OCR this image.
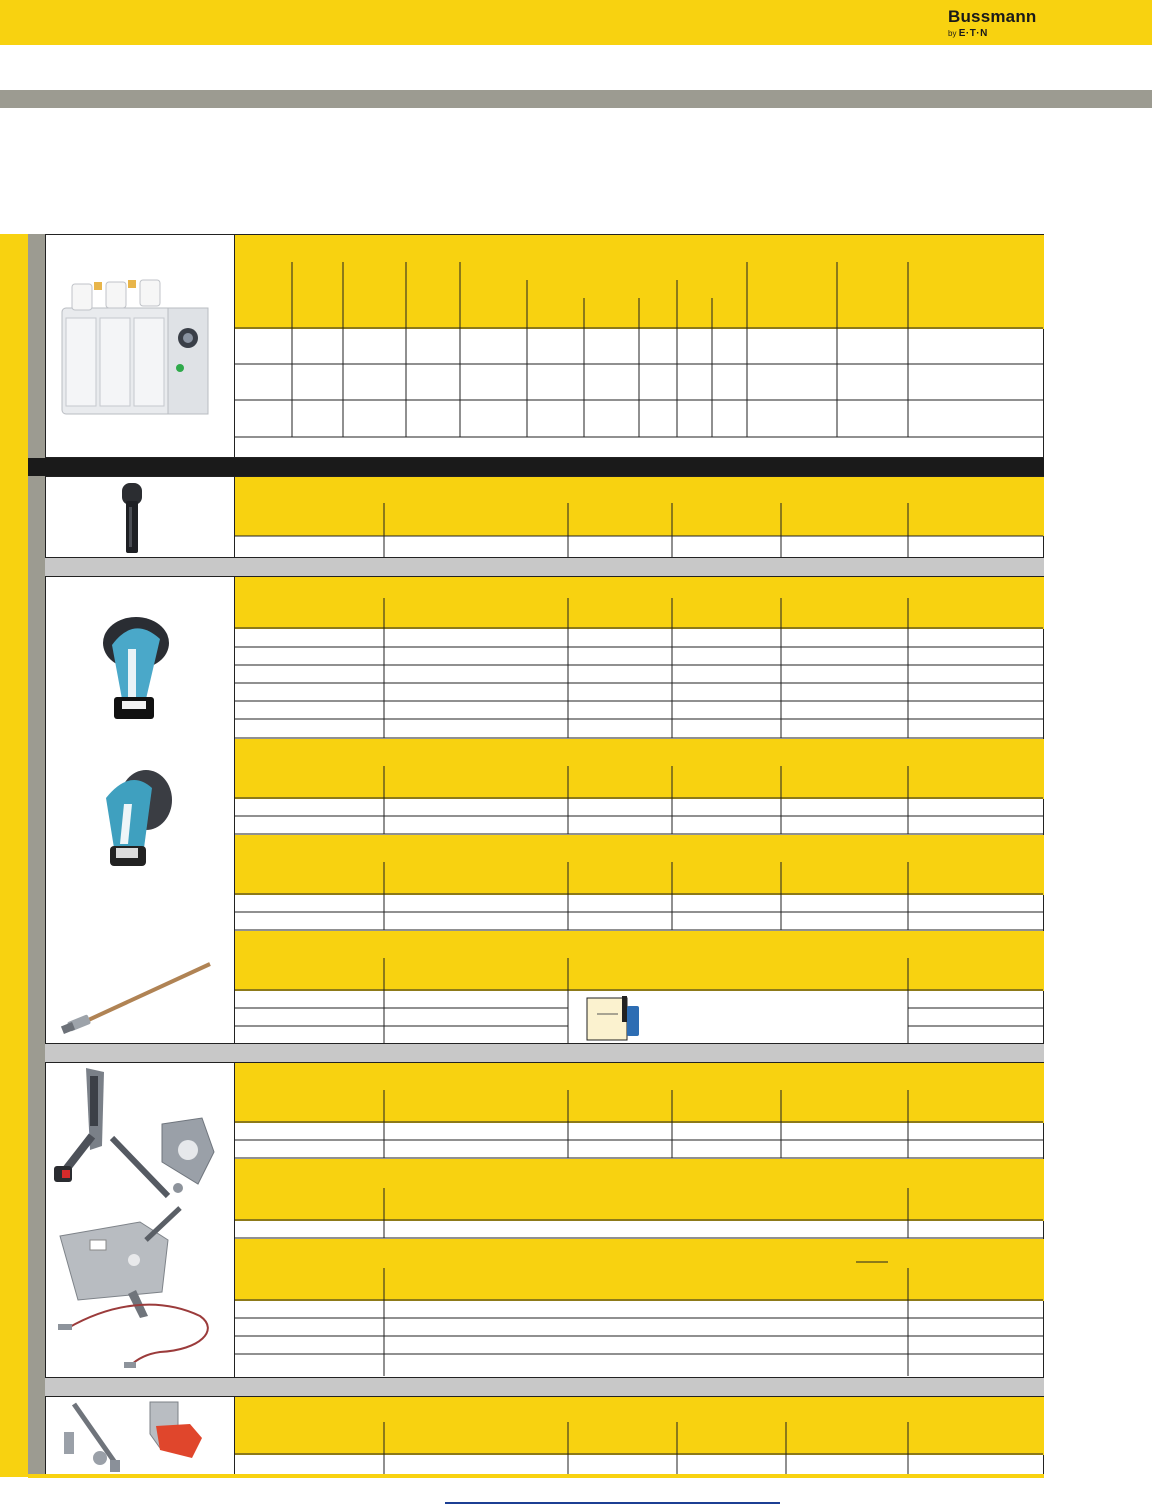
Bussmann
by E·T·N
